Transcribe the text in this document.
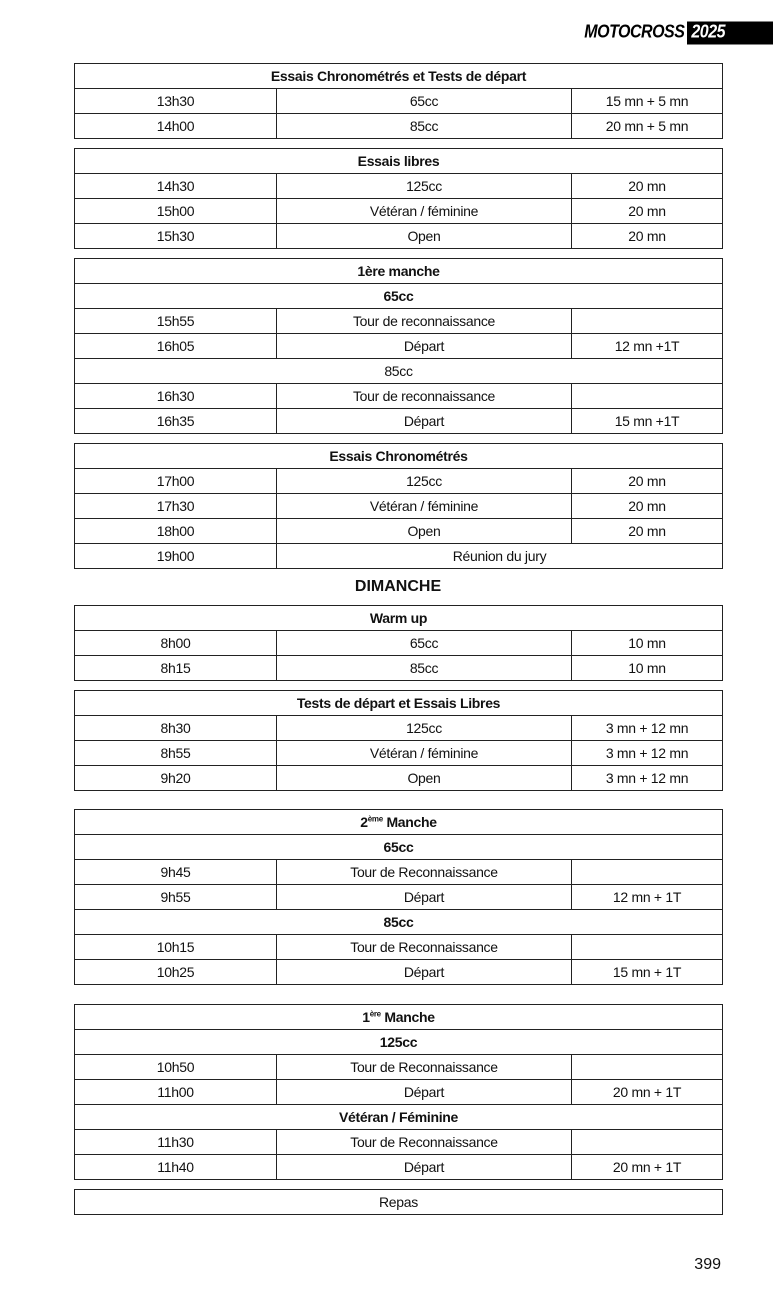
MOTOCROSS 2025
Essais Chronométrés et Tests de départ		
13h30	65cc	15 mn + 5 mn
14h00	85cc	20 mn + 5 mn
Essais libres		
14h30	125cc	20 mn
15h00	Vétéran / féminine	20 mn
15h30	Open	20 mn
1ère manche		
65cc		
15h55	Tour de reconnaissance	
16h05	Départ	12 mn +1T
85cc		
16h30	Tour de reconnaissance	
16h35	Départ	15 mn +1T
Essais Chronométrés		
17h00	125cc	20 mn
17h30	Vétéran / féminine	20 mn
18h00	Open	20 mn
19h00	Réunion du jury	
DIMANCHE
Warm up		
8h00	65cc	10 mn
8h15	85cc	10 mn
Tests de départ et Essais Libres		
8h30	125cc	3 mn + 12 mn
8h55	Vétéran / féminine	3 mn + 12 mn
9h20	Open	3 mn + 12 mn
2ème Manche		
65cc		
9h45	Tour de Reconnaissance	
9h55	Départ	12 mn + 1T
85cc		
10h15	Tour de Reconnaissance	
10h25	Départ	15 mn + 1T
1ère Manche		
125cc		
10h50	Tour de Reconnaissance	
11h00	Départ	20 mn + 1T
Vétéran / Féminine		
11h30	Tour de Reconnaissance	
11h40	Départ	20 mn + 1T
Repas
399
